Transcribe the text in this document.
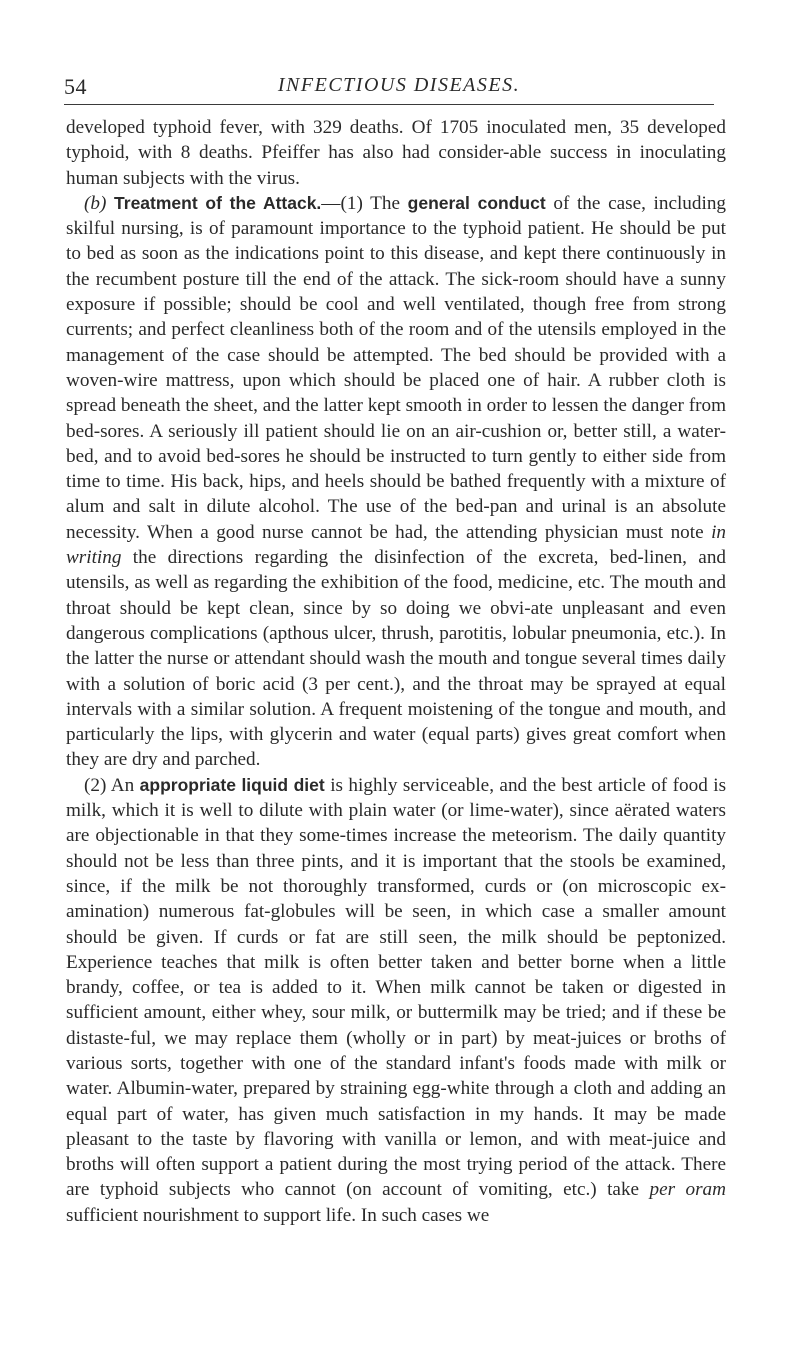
54	INFECTIOUS DISEASES.

developed typhoid fever, with 329 deaths. Of 1705 inoculated men, 35 developed typhoid, with 8 deaths. Pfeiffer has also had consider-able success in inoculating human subjects with the virus.

(b) Treatment of the Attack.—(1) The general conduct of the case, including skilful nursing, is of paramount importance to the typhoid patient. He should be put to bed as soon as the indications point to this disease, and kept there continuously in the recumbent posture till the end of the attack. The sick-room should have a sunny exposure if possible; should be cool and well ventilated, though free from strong currents; and perfect cleanliness both of the room and of the utensils employed in the management of the case should be attempted. The bed should be provided with a woven-wire mattress, upon which should be placed one of hair. A rubber cloth is spread beneath the sheet, and the latter kept smooth in order to lessen the danger from bed-sores. A seriously ill patient should lie on an air-cushion or, better still, a water-bed, and to avoid bed-sores he should be instructed to turn gently to either side from time to time. His back, hips, and heels should be bathed frequently with a mixture of alum and salt in dilute alcohol. The use of the bed-pan and urinal is an absolute necessity. When a good nurse cannot be had, the attending physician must note in writing the directions regarding the disinfection of the excreta, bed-linen, and utensils, as well as regarding the exhibition of the food, medicine, etc. The mouth and throat should be kept clean, since by so doing we obvi-ate unpleasant and even dangerous complications (apthous ulcer, thrush, parotitis, lobular pneumonia, etc.). In the latter the nurse or attendant should wash the mouth and tongue several times daily with a solution of boric acid (3 per cent.), and the throat may be sprayed at equal intervals with a similar solution. A frequent moistening of the tongue and mouth, and particularly the lips, with glycerin and water (equal parts) gives great comfort when they are dry and parched.

(2) An appropriate liquid diet is highly serviceable, and the best article of food is milk, which it is well to dilute with plain water (or lime-water), since aërated waters are objectionable in that they some-times increase the meteorism. The daily quantity should not be less than three pints, and it is important that the stools be examined, since, if the milk be not thoroughly transformed, curds or (on microscopic ex-amination) numerous fat-globules will be seen, in which case a smaller amount should be given. If curds or fat are still seen, the milk should be peptonized. Experience teaches that milk is often better taken and better borne when a little brandy, coffee, or tea is added to it. When milk cannot be taken or digested in sufficient amount, either whey, sour milk, or buttermilk may be tried; and if these be distaste-ful, we may replace them (wholly or in part) by meat-juices or broths of various sorts, together with one of the standard infant's foods made with milk or water. Albumin-water, prepared by straining egg-white through a cloth and adding an equal part of water, has given much satisfaction in my hands. It may be made pleasant to the taste by flavoring with vanilla or lemon, and with meat-juice and broths will often support a patient during the most trying period of the attack. There are typhoid subjects who cannot (on account of vomiting, etc.) take per oram sufficient nourishment to support life. In such cases we
